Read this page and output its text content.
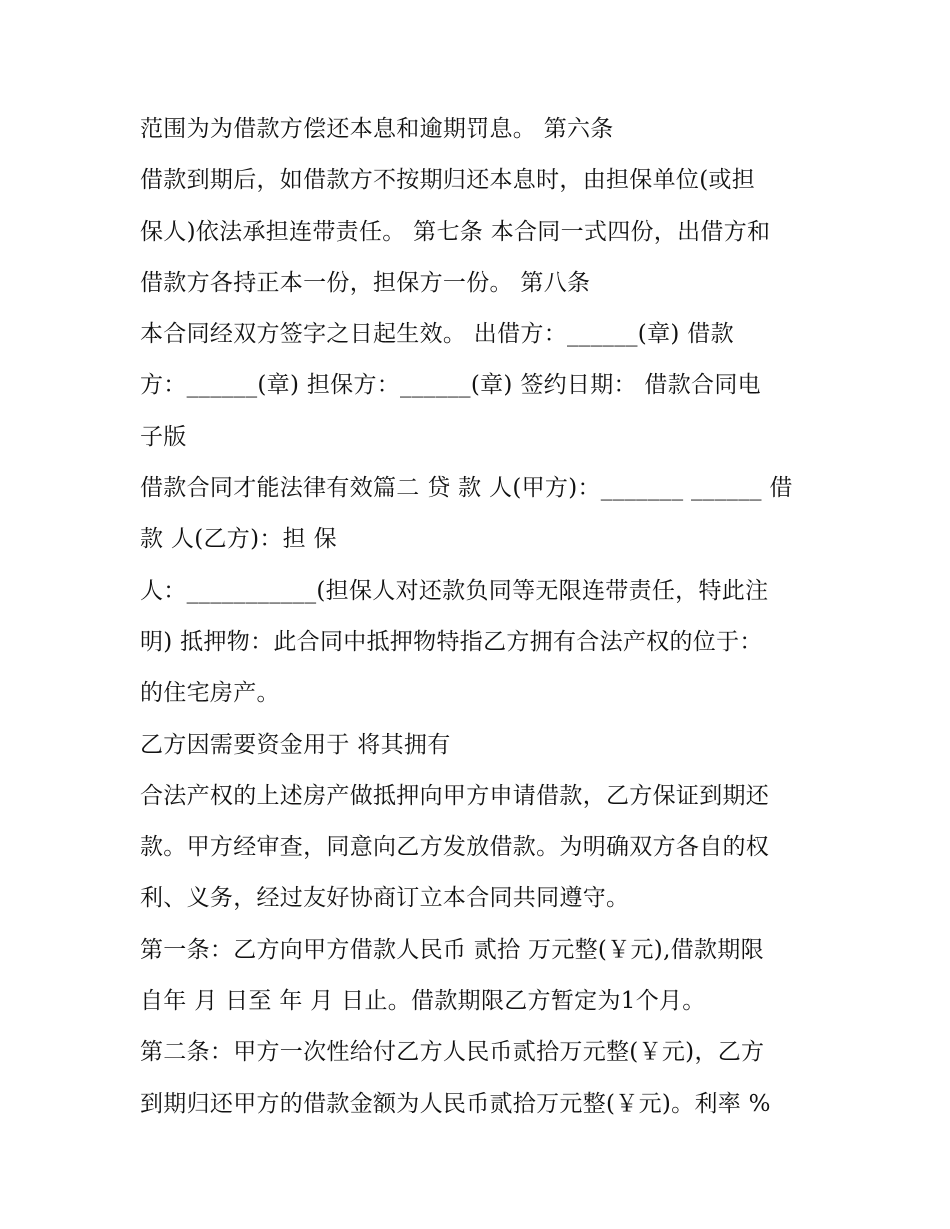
范围为为借款方偿还本息和逾期罚息。 第六条
借款到期后，如借款方不按期归还本息时，由担保单位(或担
保人)依法承担连带责任。 第七条 本合同一式四份，出借方和
借款方各持正本一份，担保方一份。 第八条
本合同经双方签字之日起生效。 出借方：______(章) 借款
方：______(章) 担保方：______(章) 签约日期： 借款合同电
子版
借款合同才能法律有效篇二 贷 款 人(甲方)：_______ ______ 借
款 人(乙方)：担 保
人：___________(担保人对还款负同等无限连带责任，特此注
明) 抵押物：此合同中抵押物特指乙方拥有合法产权的位于：
的住宅房产。
乙方因需要资金用于 将其拥有
合法产权的上述房产做抵押向甲方申请借款，乙方保证到期还
款。甲方经审查，同意向乙方发放借款。为明确双方各自的权
利、义务，经过友好协商订立本合同共同遵守。
第一条：乙方向甲方借款人民币 贰拾 万元整(￥元),借款期限
自年 月 日至 年 月 日止。借款期限乙方暂定为1个月。
第二条：甲方一次性给付乙方人民币贰拾万元整(￥元)，乙方
到期归还甲方的借款金额为人民币贰拾万元整(￥元)。利率 %
